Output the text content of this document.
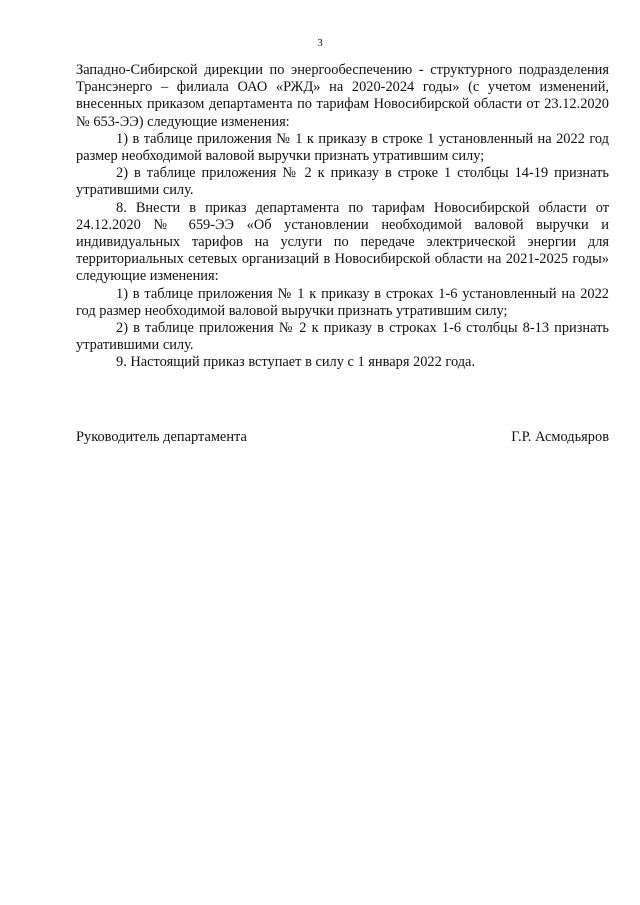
3

Западно-Сибирской дирекции по энергообеспечению - структурного подразделения Трансэнерго – филиала ОАО «РЖД» на 2020-2024 годы» (с учетом изменений, внесенных приказом департамента по тарифам Новосибирской области от 23.12.2020 № 653-ЭЭ) следующие изменения:

1) в таблице приложения № 1 к приказу в строке 1 установленный на 2022 год размер необходимой валовой выручки признать утратившим силу;

2) в таблице приложения № 2 к приказу в строке 1 столбцы 14-19 признать утратившими силу.

8. Внести в приказ департамента по тарифам Новосибирской области от 24.12.2020 № 659-ЭЭ «Об установлении необходимой валовой выручки и индивидуальных тарифов на услуги по передаче электрической энергии для территориальных сетевых организаций в Новосибирской области на 2021-2025 годы» следующие изменения:

1) в таблице приложения № 1 к приказу в строках 1-6 установленный на 2022 год размер необходимой валовой выручки признать утратившим силу;

2) в таблице приложения № 2 к приказу в строках 1-6 столбцы 8-13 признать утратившими силу.

9. Настоящий приказ вступает в силу с 1 января 2022 года.

Руководитель департамента	Г.Р. Асмодьяров
